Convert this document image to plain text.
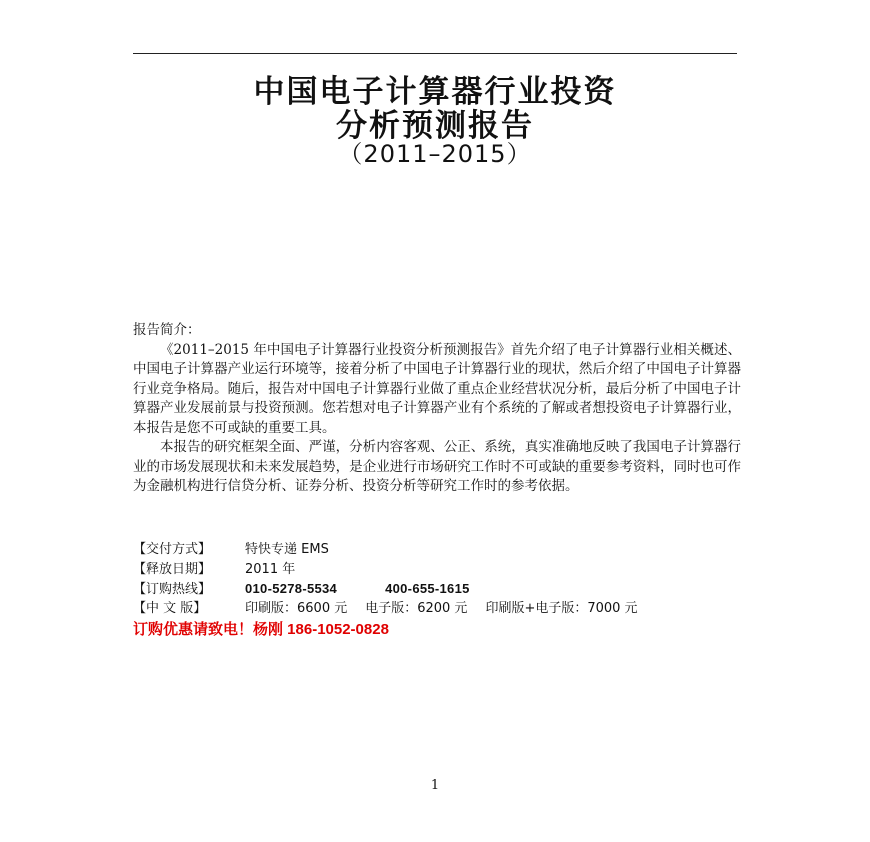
中国电子计算器行业投资
分析预测报告
（2011–2015）

报告简介：

《2011–2015 年中国电子计算器行业投资分析预测报告》首先介绍了电子计算器行业相关概述、中国电子计算器产业运行环境等，接着分析了中国电子计算器行业的现状，然后介绍了中国电子计算器行业竞争格局。随后，报告对中国电子计算器行业做了重点企业经营状况分析，最后分析了中国电子计算器产业发展前景与投资预测。您若想对电子计算器产业有个系统的了解或者想投资电子计算器行业，本报告是您不可或缺的重要工具。

本报告的研究框架全面、严谨，分析内容客观、公正、系统，真实准确地反映了我国电子计算器行业的市场发展现状和未来发展趋势，是企业进行市场研究工作时不可或缺的重要参考资料，同时也可作为金融机构进行信贷分析、证券分析、投资分析等研究工作时的参考依据。

【交付方式】	特快专递 EMS
【释放日期】	2011 年
【订购热线】	010-5278-5534	400-655-1615
【中 文 版】	印刷版：6600 元 电子版：6200 元 印刷版+电子版：7000 元
订购优惠请致电！杨刚 186-1052-0828
1
